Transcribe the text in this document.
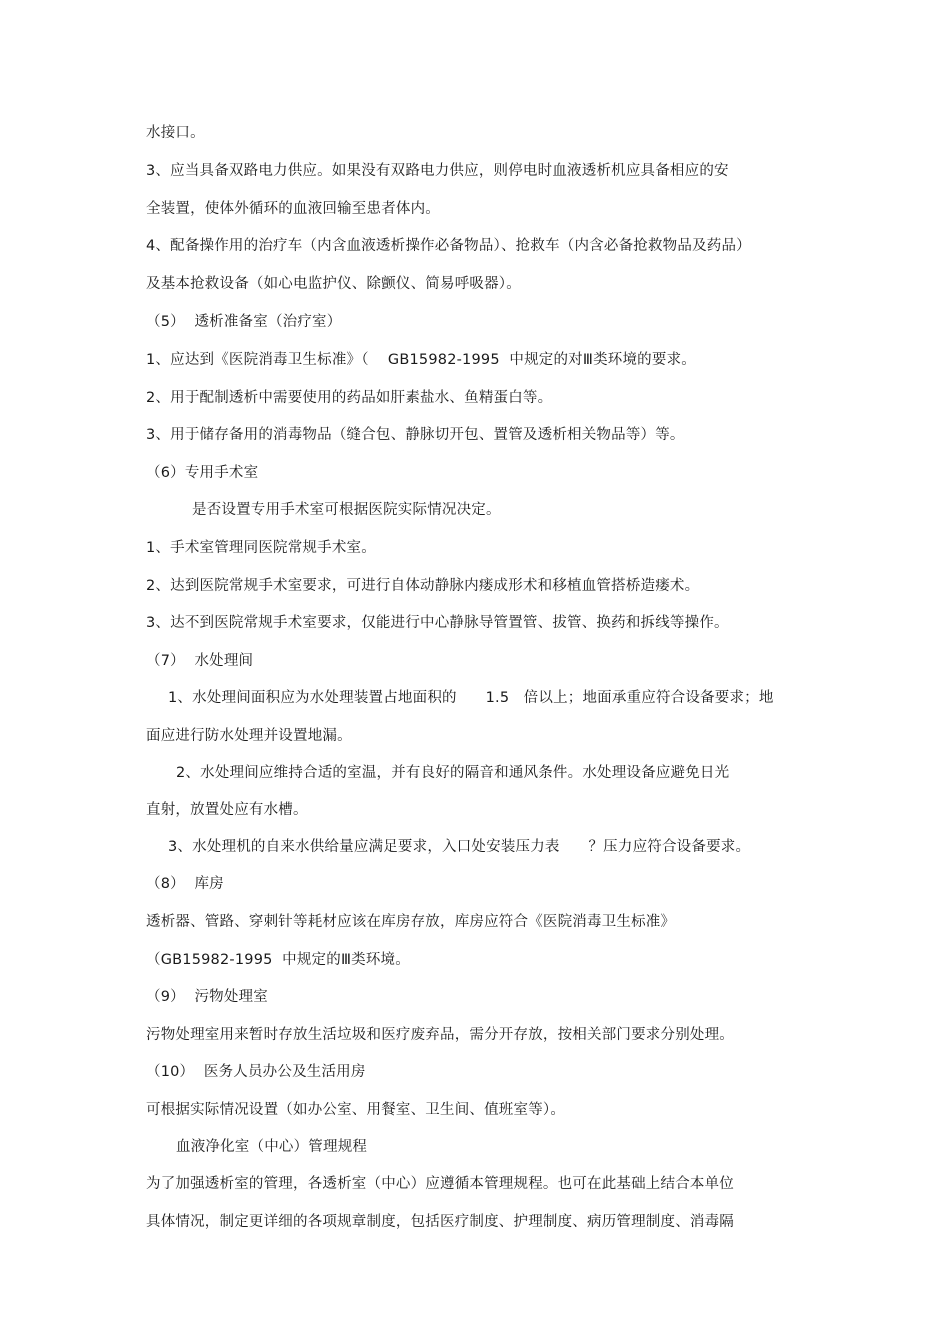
水接口。
3、应当具备双路电力供应。如果没有双路电力供应，则停电时血液透析机应具备相应的安
全装置，使体外循环的血液回输至患者体内。
4、配备操作用的治疗车（内含血液透析操作必备物品）、抢救车（内含必备抢救物品及药品）
及基本抢救设备（如心电监护仪、除颤仪、简易呼吸器）。
（5）  透析准备室（治疗室）
1、应达到《医院消毒卫生标准》（    GB15982-1995  中规定的对Ⅲ类环境的要求。
2、用于配制透析中需要使用的药品如肝素盐水、鱼精蛋白等。
3、用于储存备用的消毒物品（缝合包、静脉切开包、置管及透析相关物品等）等。
（6）专用手术室
是否设置专用手术室可根据医院实际情况决定。
1、手术室管理同医院常规手术室。
2、达到医院常规手术室要求，可进行自体动静脉内瘘成形术和移植血管搭桥造瘘术。
3、达不到医院常规手术室要求，仅能进行中心静脉导管置管、拔管、换药和拆线等操作。
（7）  水处理间
1、水处理间面积应为水处理装置占地面积的      1.5   倍以上；地面承重应符合设备要求；地
面应进行防水处理并设置地漏。
2、水处理间应维持合适的室温，并有良好的隔音和通风条件。水处理设备应避免日光
直射，放置处应有水槽。
3、水处理机的自来水供给量应满足要求，入口处安装压力表      ？压力应符合设备要求。
（8）  库房
透析器、管路、穿刺针等耗材应该在库房存放，库房应符合《医院消毒卫生标准》
（GB15982-1995  中规定的Ⅲ类环境。
（9）  污物处理室
污物处理室用来暂时存放生活垃圾和医疗废弃品，需分开存放，按相关部门要求分别处理。
（10）  医务人员办公及生活用房
可根据实际情况设置（如办公室、用餐室、卫生间、值班室等）。
血液净化室（中心）管理规程
为了加强透析室的管理，各透析室（中心）应遵循本管理规程。也可在此基础上结合本单位
具体情况，制定更详细的各项规章制度，包括医疗制度、护理制度、病历管理制度、消毒隔
